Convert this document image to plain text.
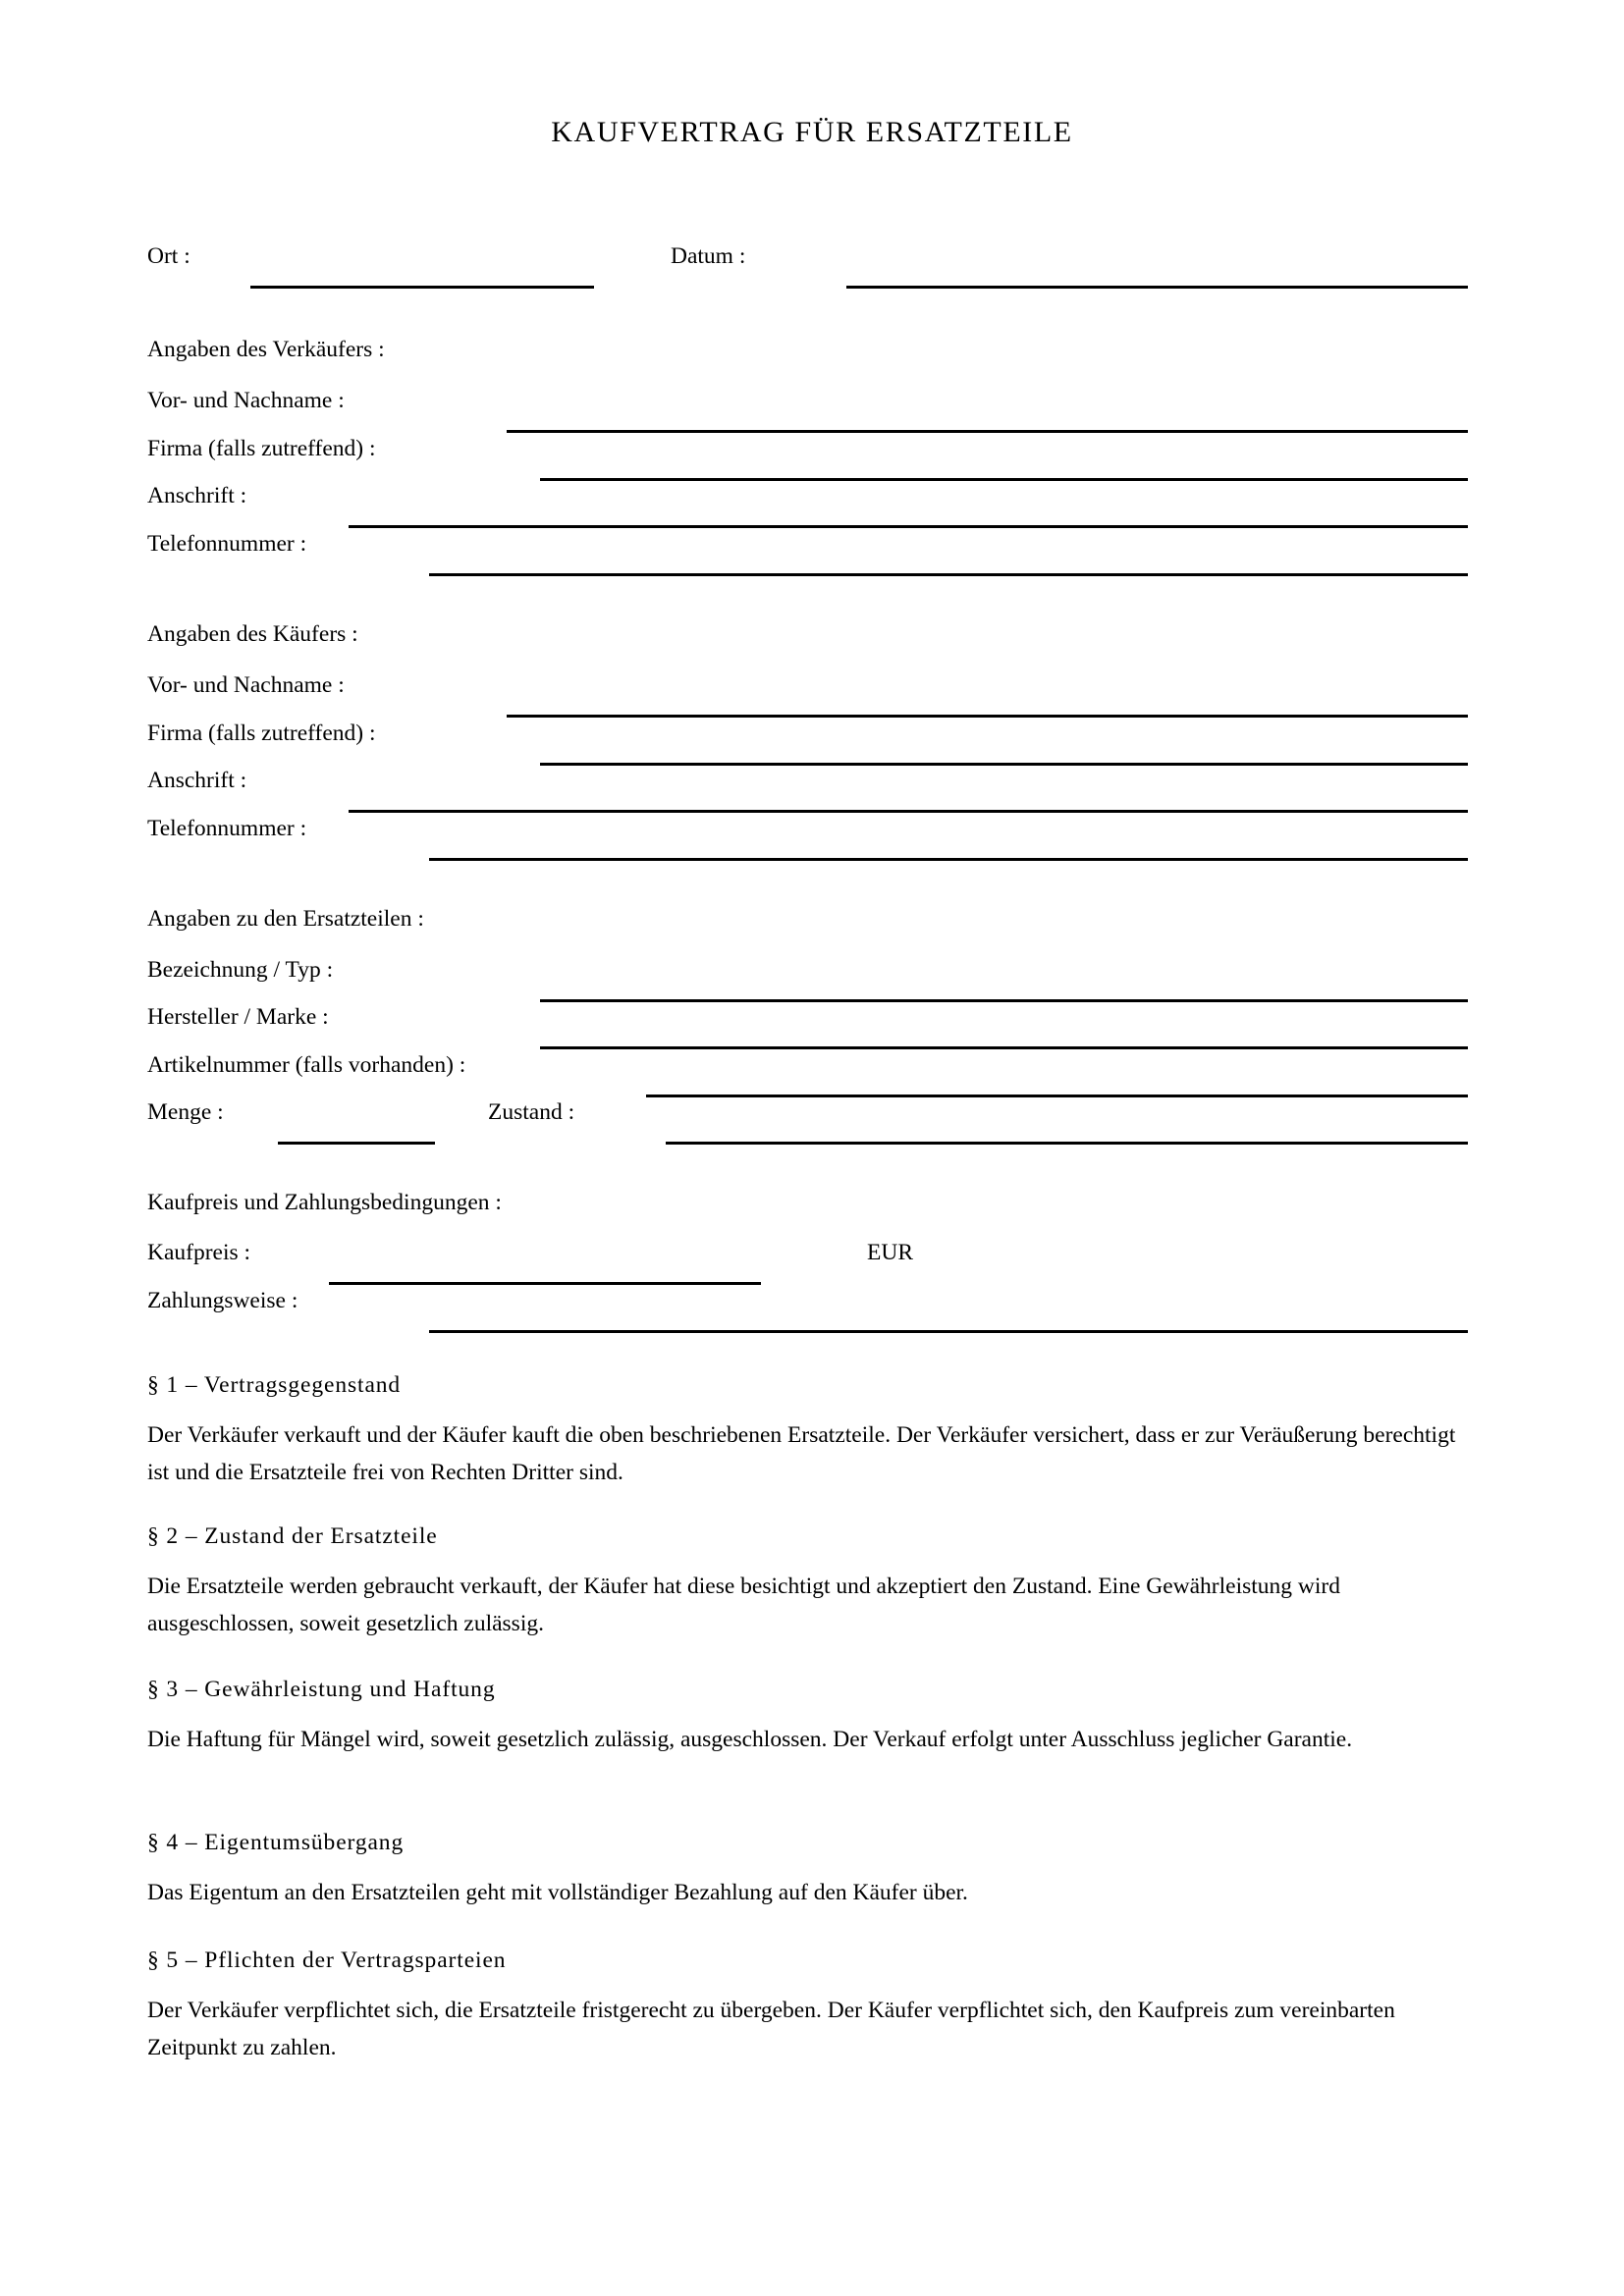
KAUFVERTRAG FÜR ERSATZTEILE
Ort :	Datum :
Angaben des Verkäufers :
Vor- und Nachname :
Firma (falls zutreffend) :
Anschrift :
Telefonnummer :
Angaben des Käufers :
Vor- und Nachname :
Firma (falls zutreffend) :
Anschrift :
Telefonnummer :
Angaben zu den Ersatzteilen :
Bezeichnung / Typ :
Hersteller / Marke :
Artikelnummer (falls vorhanden) :
Menge :	Zustand :
Kaufpreis und Zahlungsbedingungen :
Kaufpreis :	EUR
Zahlungsweise :
§ 1 – Vertragsgegenstand
Der Verkäufer verkauft und der Käufer kauft die oben beschriebenen Ersatzteile. Der Verkäufer versichert, dass er zur Veräußerung berechtigt ist und die Ersatzteile frei von Rechten Dritter sind.
§ 2 – Zustand der Ersatzteile
Die Ersatzteile werden gebraucht verkauft, der Käufer hat diese besichtigt und akzeptiert den Zustand. Eine Gewährleistung wird ausgeschlossen, soweit gesetzlich zulässig.
§ 3 – Gewährleistung und Haftung
Die Haftung für Mängel wird, soweit gesetzlich zulässig, ausgeschlossen. Der Verkauf erfolgt unter Ausschluss jeglicher Garantie.
§ 4 – Eigentumsübergang
Das Eigentum an den Ersatzteilen geht mit vollständiger Bezahlung auf den Käufer über.
§ 5 – Pflichten der Vertragsparteien
Der Verkäufer verpflichtet sich, die Ersatzteile fristgerecht zu übergeben. Der Käufer verpflichtet sich, den Kaufpreis zum vereinbarten Zeitpunkt zu zahlen.
